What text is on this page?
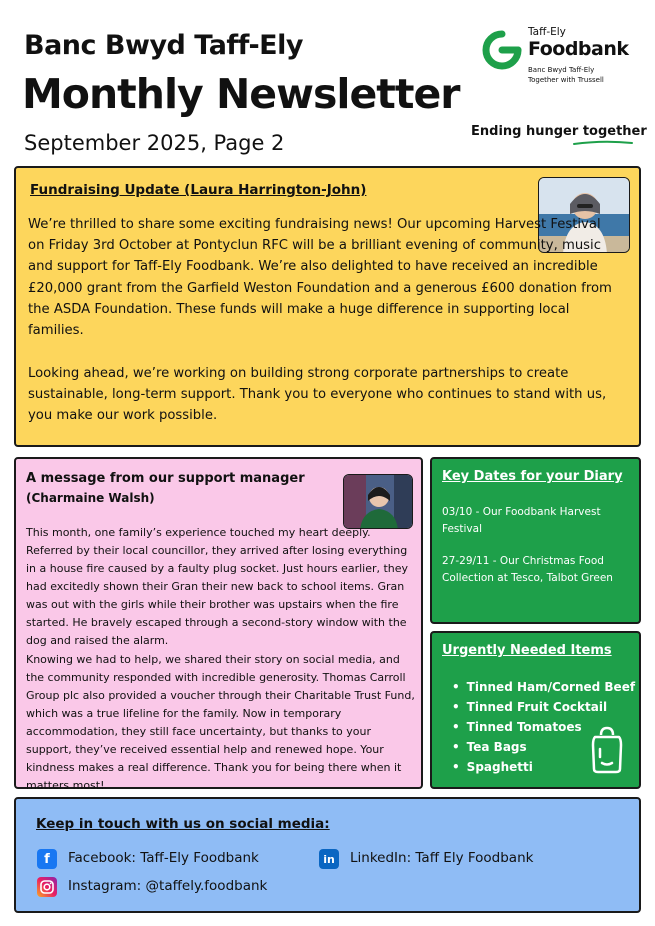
Banc Bwyd Taff-Ely
Monthly Newsletter
September 2025, Page 2
Taff-Ely
Foodbank
Banc Bwyd Taff-Ely
Together with Trussell
Ending hunger together
Fundraising Update (Laura Harrington-John)

We’re thrilled to share some exciting fundraising news! Our upcoming Harvest Festival on Friday 3rd October at Pontyclun RFC will be a brilliant evening of community, music and support for Taff-Ely Foodbank. We’re also delighted to have received an incredible £20,000 grant from the Garfield Weston Foundation and a generous £600 donation from the ASDA Foundation. These funds will make a huge difference in supporting local families.

Looking ahead, we’re working on building strong corporate partnerships to create sustainable, long-term support. Thank you to everyone who continues to stand with us, you make our work possible.

A message from our support manager
(Charmaine Walsh)

This month, one family’s experience touched my heart deeply. Referred by their local councillor, they arrived after losing everything in a house fire caused by a faulty plug socket. Just hours earlier, they had excitedly shown their Gran their new back to school items. Gran was out with the girls while their brother was upstairs when the fire started. He bravely escaped through a second-story window with the dog and raised the alarm.

Knowing we had to help, we shared their story on social media, and the community responded with incredible generosity. Thomas Carroll Group plc also provided a voucher through their Charitable Trust Fund, which was a true lifeline for the family. Now in temporary accommodation, they still face uncertainty, but thanks to your support, they’ve received essential help and renewed hope. Your kindness makes a real difference. Thank you for being there when it matters most!

Key Dates for your Diary
03/10 - Our Foodbank Harvest Festival
27-29/11 - Our Christmas Food Collection at Tesco, Talbot Green
Urgently Needed Items
• Tinned Ham/Corned Beef
• Tinned Fruit Cocktail
• Tinned Tomatoes
• Tea Bags
• Spaghetti
Keep in touch with us on social media:
f	Facebook: Taff-Ely Foodbank	in	LinkedIn: Taff Ely Foodbank
Instagram: @taffely.foodbank
